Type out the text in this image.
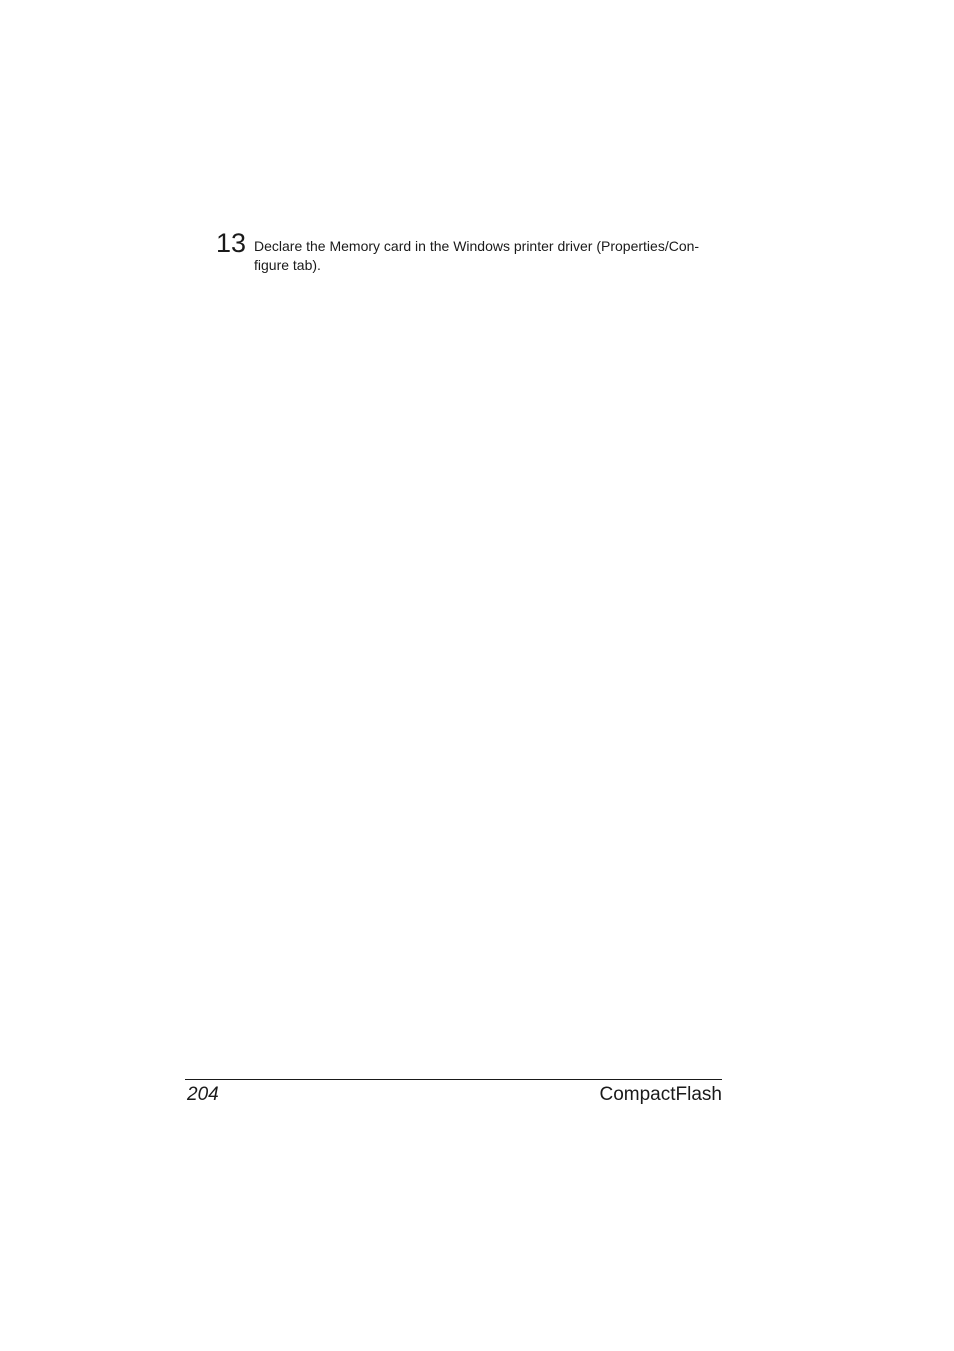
13 Declare the Memory card in the Windows printer driver (Properties/Con-
figure tab).

204	CompactFlash
